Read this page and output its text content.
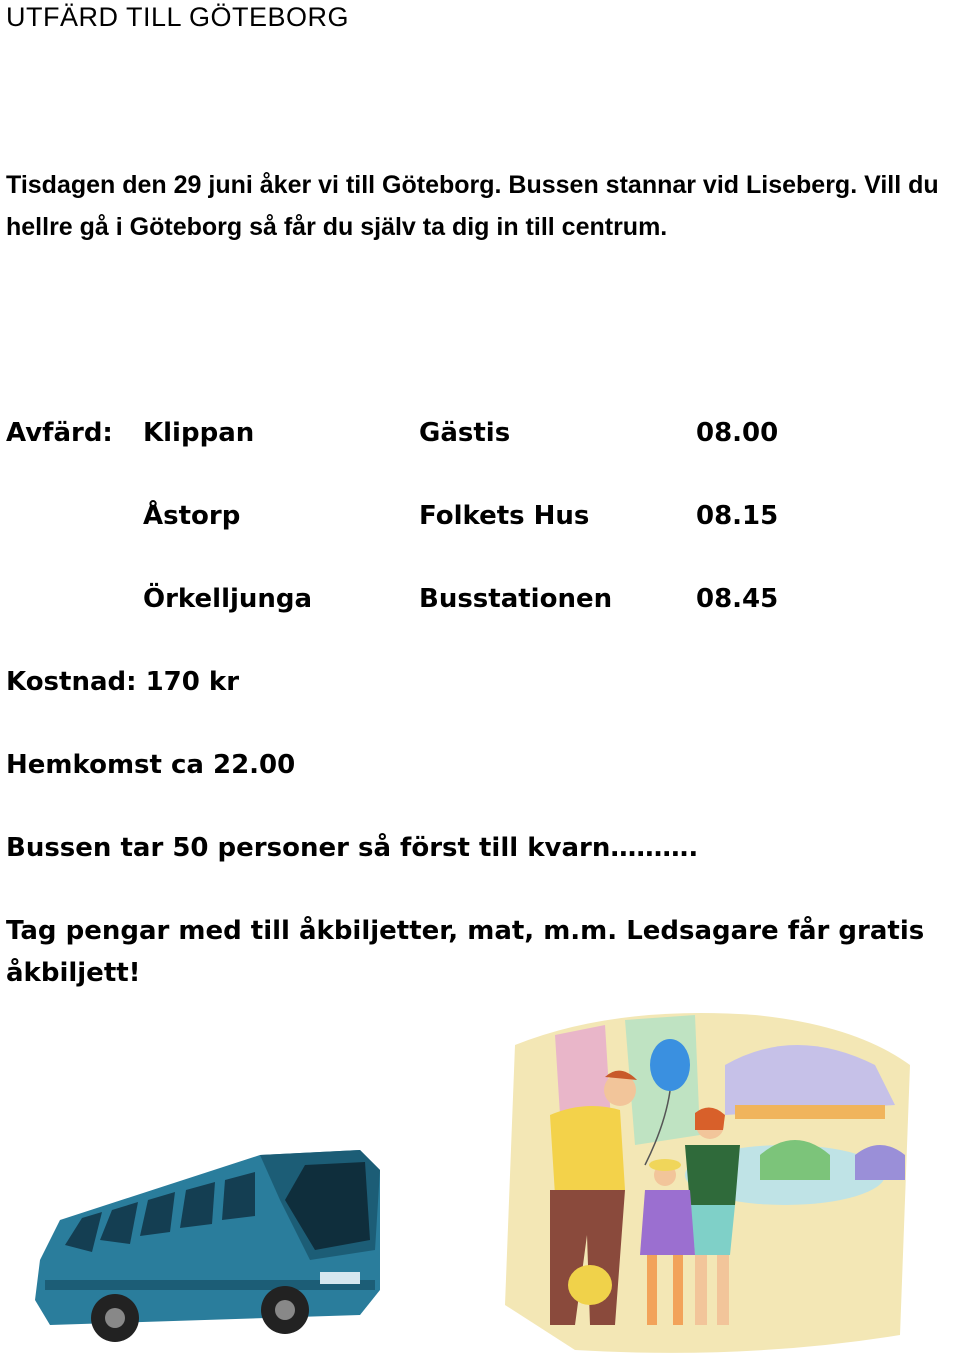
UTFÄRD TILL GÖTEBORG
Tisdagen den 29 juni åker vi till Göteborg. Bussen stannar vid Liseberg. Vill du hellre gå i Göteborg så får du själv ta dig in till centrum.
Avfärd: Klippan	Gästis	08.00
Åstorp	Folkets Hus	08.15
Örkelljunga	Busstationen	08.45
Kostnad: 170 kr
Hemkomst ca 22.00
Bussen tar 50 personer så först till kvarn……….
Tag pengar med till åkbiljetter, mat, m.m. Ledsagare får gratis åkbiljett!
